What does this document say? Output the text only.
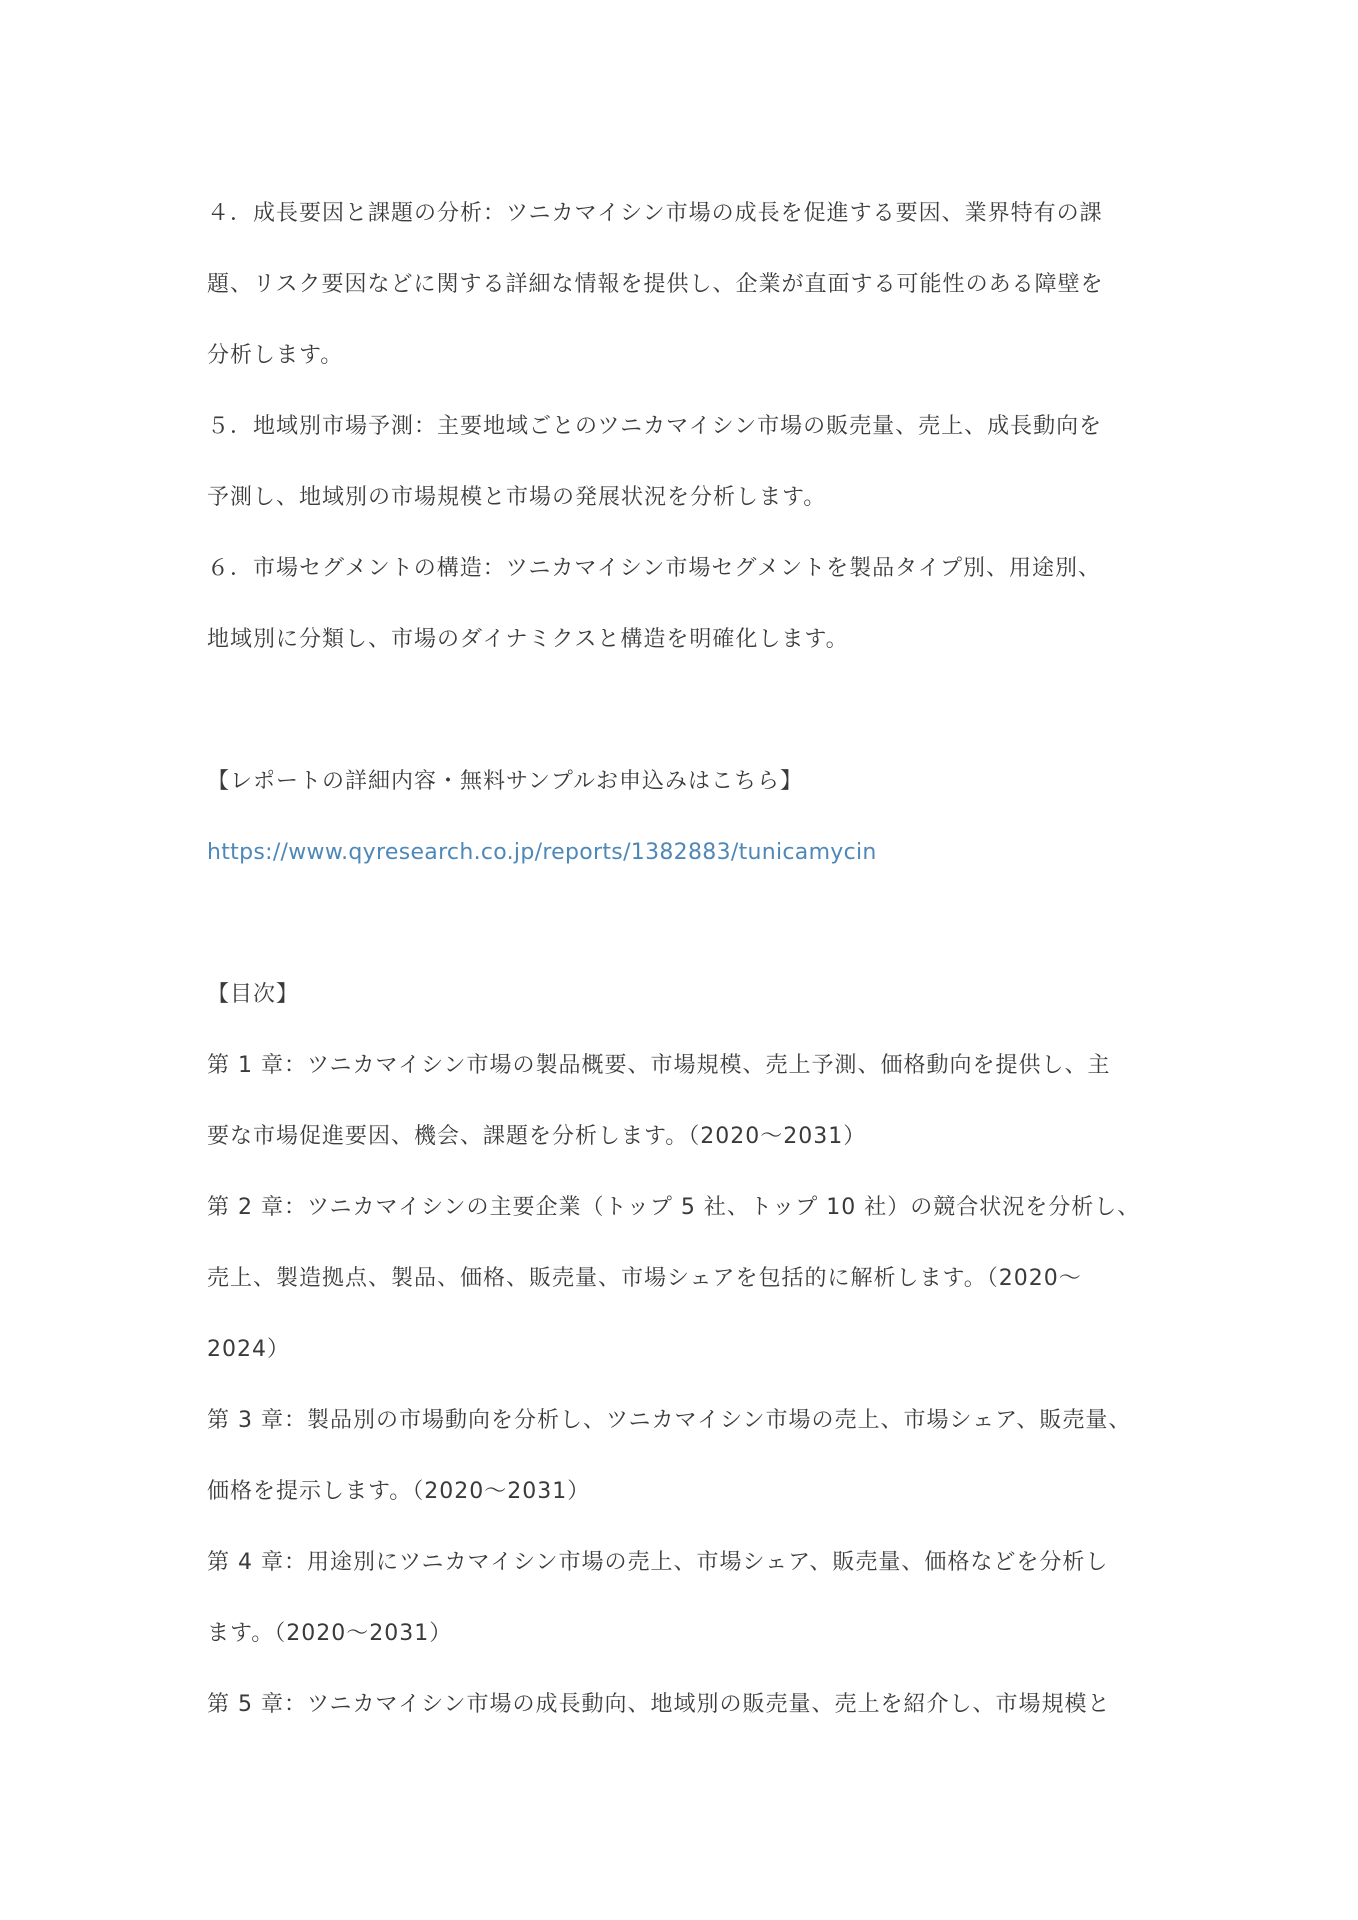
４．成長要因と課題の分析：ツニカマイシン市場の成長を促進する要因、業界特有の課
題、リスク要因などに関する詳細な情報を提供し、企業が直面する可能性のある障壁を
分析します。
５．地域別市場予測：主要地域ごとのツニカマイシン市場の販売量、売上、成長動向を
予測し、地域別の市場規模と市場の発展状況を分析します。
６．市場セグメントの構造：ツニカマイシン市場セグメントを製品タイプ別、用途別、
地域別に分類し、市場のダイナミクスと構造を明確化します。
【レポートの詳細内容・無料サンプルお申込みはこちら】
https://www.qyresearch.co.jp/reports/1382883/tunicamycin
【目次】
第 1 章：ツニカマイシン市場の製品概要、市場規模、売上予測、価格動向を提供し、主
要な市場促進要因、機会、課題を分析します。（2020～2031）
第 2 章：ツニカマイシンの主要企業（トップ 5 社、トップ 10 社）の競合状況を分析し、
売上、製造拠点、製品、価格、販売量、市場シェアを包括的に解析します。（2020～
2024）
第 3 章：製品別の市場動向を分析し、ツニカマイシン市場の売上、市場シェア、販売量、
価格を提示します。（2020～2031）
第 4 章：用途別にツニカマイシン市場の売上、市場シェア、販売量、価格などを分析し
ます。（2020～2031）
第 5 章：ツニカマイシン市場の成長動向、地域別の販売量、売上を紹介し、市場規模と
